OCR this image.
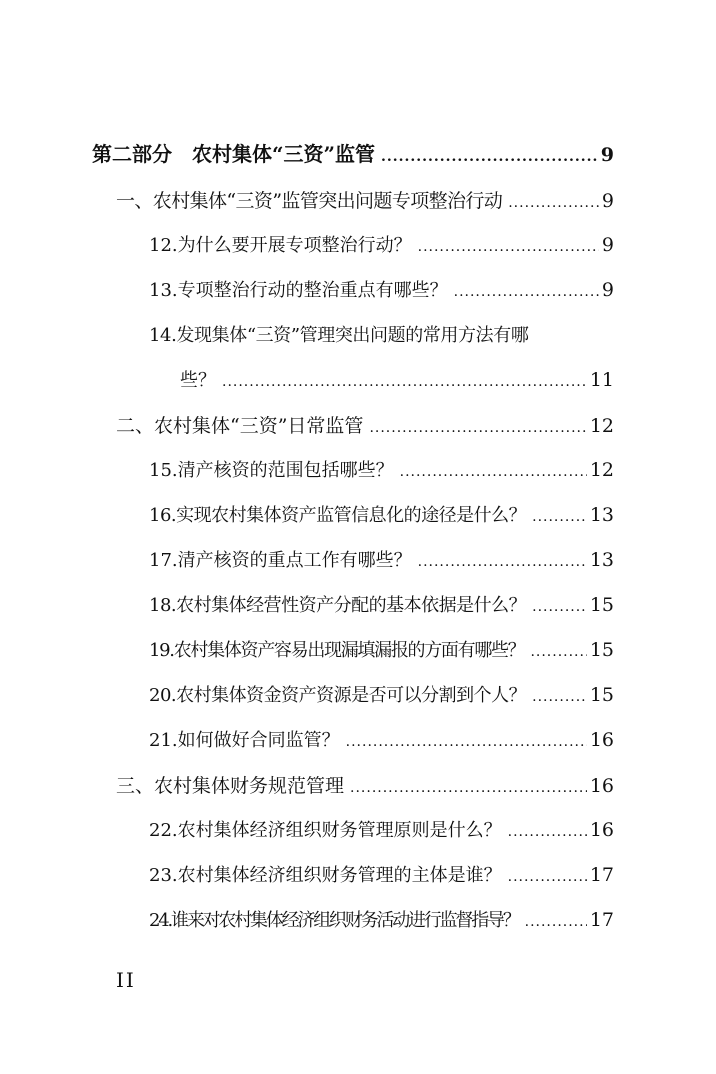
第二部分　农村集体“三资”监管 .....	9
一、农村集体“三资”监管突出问题专项整治行动 .....	9
12.为什么要开展专项整治行动？ .....	9
13.专项整治行动的整治重点有哪些？ .....	9
14.发现集体“三资”管理突出问题的常用方法有哪
些？ .....	11
二、农村集体“三资”日常监管 .....	12
15.清产核资的范围包括哪些？ .....	12
16.实现农村集体资产监管信息化的途径是什么？ .....	13
17.清产核资的重点工作有哪些？ .....	13
18.农村集体经营性资产分配的基本依据是什么？ .....	15
19.农村集体资产容易出现漏填漏报的方面有哪些？ .....	15
20.农村集体资金资产资源是否可以分割到个人？ .....	15
21.如何做好合同监管？ .....	16
三、农村集体财务规范管理 .....	16
22.农村集体经济组织财务管理原则是什么？ .....	16
23.农村集体经济组织财务管理的主体是谁？ .....	17
24.谁来对农村集体经济组织财务活动进行监督指导？ .....	17
II
